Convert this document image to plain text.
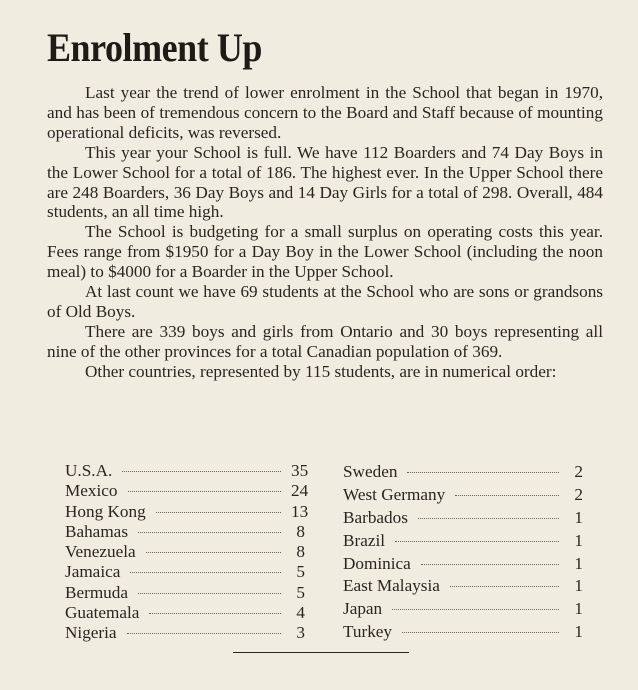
Enrolment Up

Last year the trend of lower enrolment in the School that began in 1970, and has been of tremendous concern to the Board and Staff because of mounting operational deficits, was reversed.

This year your School is full. We have 112 Boarders and 74 Day Boys in the Lower School for a total of 186. The highest ever. In the Upper School there are 248 Boarders, 36 Day Boys and 14 Day Girls for a total of 298. Overall, 484 students, an all time high.

The School is budgeting for a small surplus on operating costs this year. Fees range from $1950 for a Day Boy in the Lower School (including the noon meal) to $4000 for a Boarder in the Upper School.

At last count we have 69 students at the School who are sons or grandsons of Old Boys.

There are 339 boys and girls from Ontario and 30 boys representing all nine of the other provinces for a total Canadian population of 369.

Other countries, represented by 115 students, are in numerical order:

U.S.A.	35
Mexico	24
Hong Kong	13
Bahamas	8
Venezuela	8
Jamaica	5
Bermuda	5
Guatemala	4
Nigeria	3
Sweden	2
West Germany	2
Barbados	1
Brazil	1
Dominica	1
East Malaysia	1
Japan	1
Turkey	1
